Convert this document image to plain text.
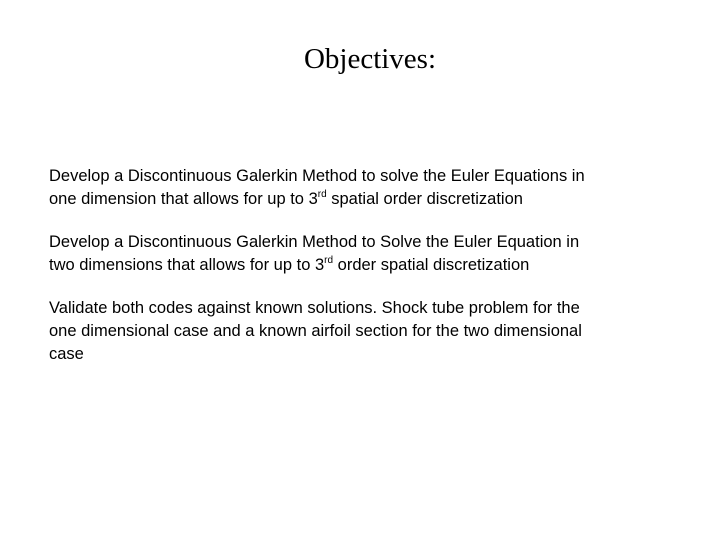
Objectives:
Develop a Discontinuous Galerkin Method to solve the Euler Equations in
one dimension that allows for up to 3rd spatial order discretization
Develop a Discontinuous Galerkin Method to Solve the Euler Equation in
two dimensions that allows for up to 3rd order spatial discretization
Validate both codes against known solutions. Shock tube problem for the
one dimensional case and a known airfoil section for the two dimensional
case
